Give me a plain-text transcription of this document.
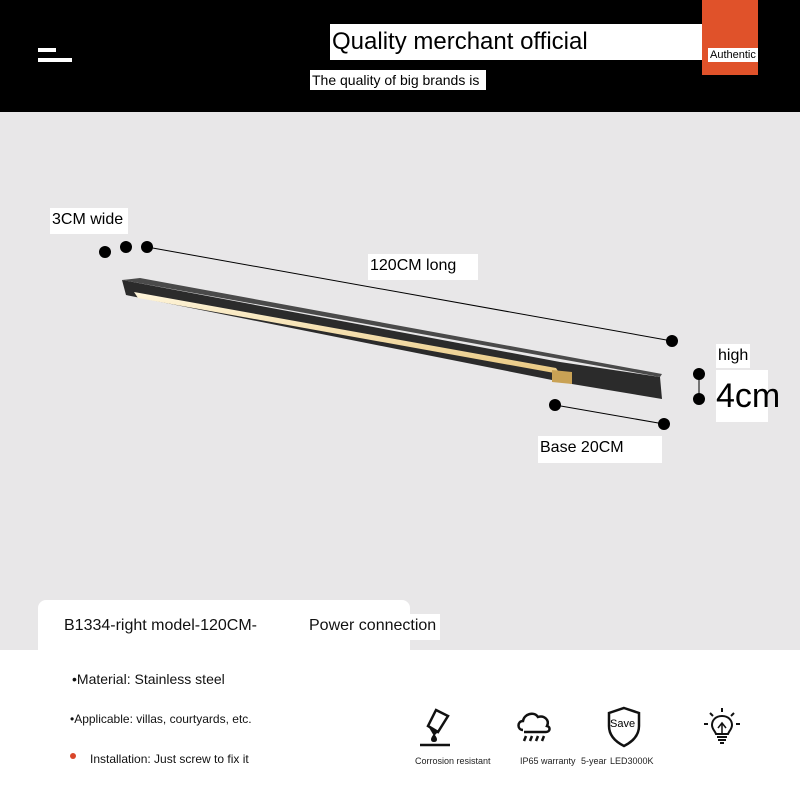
Quality merchant official	Authentic
The quality of big brands is
3CM wide
120CM long
high
4cm
Base 20CM
B1334-right model-120CM-	Power connection
•Material: Stainless steel
•Applicable: villas, courtyards, etc.
Installation: Just screw to fix it	Corrosion resistant	IP65 warranty 5-year
Save
LED3000K
